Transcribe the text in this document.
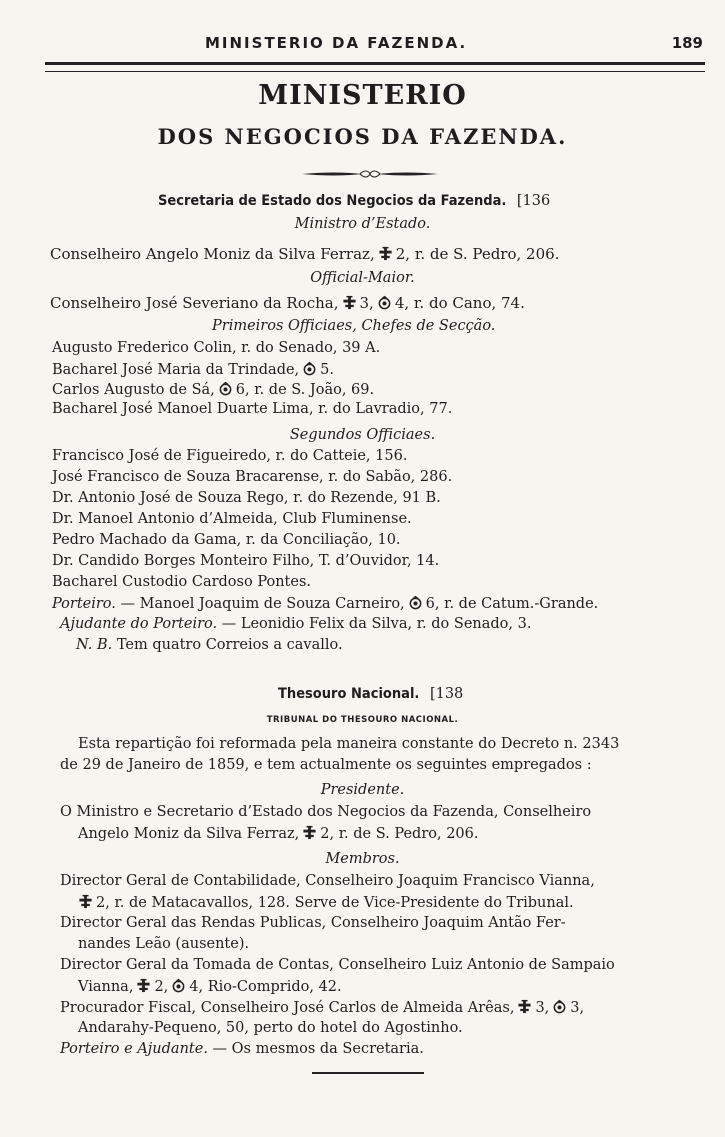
MINISTERIO DA FAZENDA.	189
MINISTERIO
DOS NEGOCIOS DA FAZENDA.
Secretaria de Estado dos Negocios da Fazenda. [136
Ministro d’Estado.
Conselheiro Angelo Moniz da Silva Ferraz, 2, r. de S. Pedro, 206.
Official-Maior.
Conselheiro José Severiano da Rocha, 3, 4, r. do Cano, 74.
Primeiros Officiaes, Chefes de Secção.
Augusto Frederico Colin, r. do Senado, 39 A.
Bacharel José Maria da Trindade, 5.
Carlos Augusto de Sá, 6, r. de S. João, 69.
Bacharel José Manoel Duarte Lima, r. do Lavradio, 77.
Segundos Officiaes.
Francisco José de Figueiredo, r. do Catteie, 156.
José Francisco de Souza Bracarense, r. do Sabão, 286.
Dr. Antonio José de Souza Rego, r. do Rezende, 91 B.
Dr. Manoel Antonio d’Almeida, Club Fluminense.
Pedro Machado da Gama, r. da Conciliação, 10.
Dr. Candido Borges Monteiro Filho, T. d’Ouvidor, 14.
Bacharel Custodio Cardoso Pontes.
Porteiro. — Manoel Joaquim de Souza Carneiro, 6, r. de Catum.-Grande.
Ajudante do Porteiro. — Leonidio Felix da Silva, r. do Senado, 3.
N. B. Tem quatro Correios a cavallo.
Thesouro Nacional. [138
TRIBUNAL DO THESOURO NACIONAL.
Esta repartição foi reformada pela maneira constante do Decreto n. 2343
de 29 de Janeiro de 1859, e tem actualmente os seguintes empregados :
Presidente.
O Ministro e Secretario d’Estado dos Negocios da Fazenda, Conselheiro
Angelo Moniz da Silva Ferraz, 2, r. de S. Pedro, 206.
Membros.
Director Geral de Contabilidade, Conselheiro Joaquim Francisco Vianna,
2, r. de Matacavallos, 128. Serve de Vice-Presidente do Tribunal.
Director Geral das Rendas Publicas, Conselheiro Joaquim Antão Fer-
nandes Leão (ausente).
Director Geral da Tomada de Contas, Conselheiro Luiz Antonio de Sampaio
Vianna, 2, 4, Rio-Comprido, 42.
Procurador Fiscal, Conselheiro José Carlos de Almeida Arêas, 3, 3,
Andarahy-Pequeno, 50, perto do hotel do Agostinho.
Porteiro e Ajudante. — Os mesmos da Secretaria.
